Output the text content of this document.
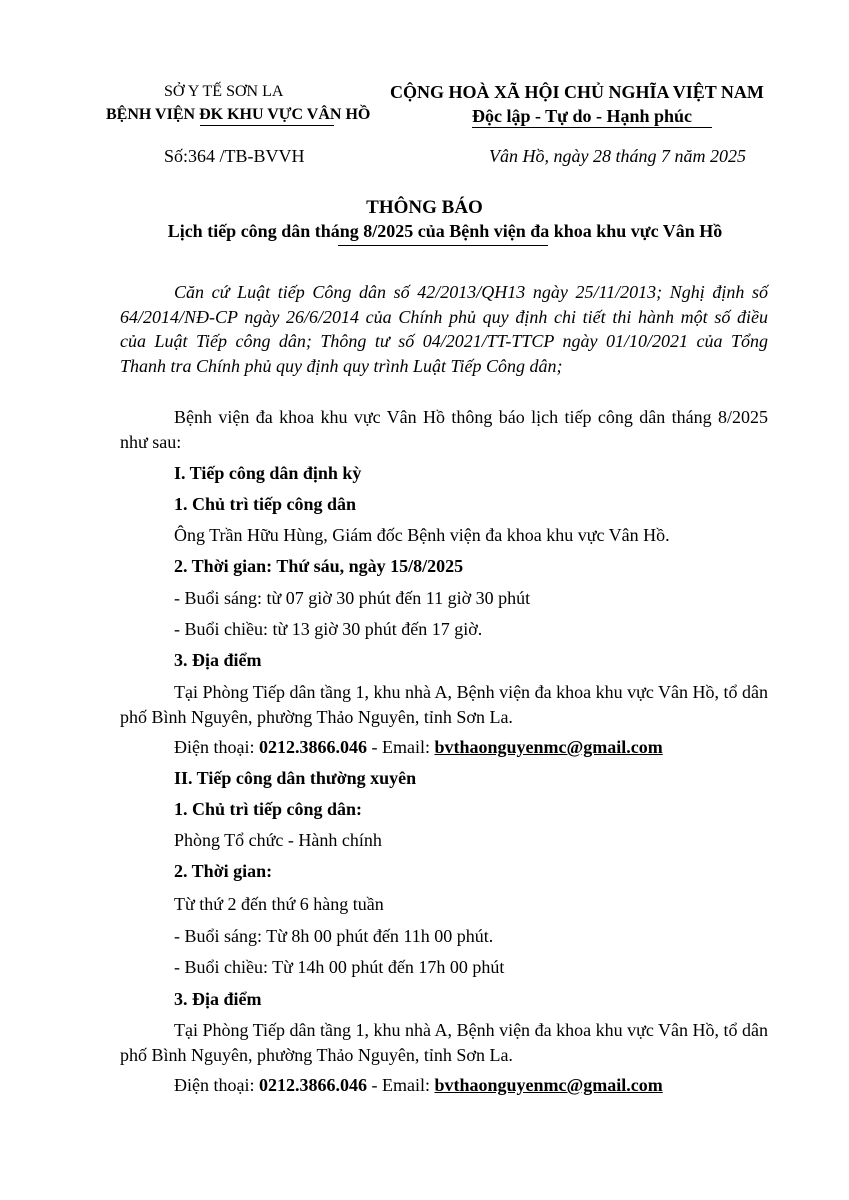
SỞ Y TẾ SƠN LA
BỆNH VIỆN ĐK KHU VỰC VÂN HỒ
CỘNG HOÀ XÃ HỘI CHỦ NGHĨA VIỆT NAM
Độc lập - Tự do - Hạnh phúc
Số:364 /TB-BVVH	Vân Hồ, ngày 28 tháng 7 năm 2025
THÔNG BÁO
Lịch tiếp công dân tháng 8/2025 của Bệnh viện đa khoa khu vực Vân Hồ
Căn cứ Luật tiếp Công dân số 42/2013/QH13 ngày 25/11/2013; Nghị định số 64/2014/NĐ-CP ngày 26/6/2014 của Chính phủ quy định chi tiết thi hành một số điều của Luật Tiếp công dân; Thông tư số 04/2021/TT-TTCP ngày 01/10/2021 của Tổng Thanh tra Chính phủ quy định quy trình Luật Tiếp Công dân;
Bệnh viện đa khoa khu vực Vân Hồ thông báo lịch tiếp công dân tháng 8/2025 như sau:
I. Tiếp công dân định kỳ
1. Chủ trì tiếp công dân
Ông Trần Hữu Hùng, Giám đốc Bệnh viện đa khoa khu vực Vân Hồ.
2. Thời gian: Thứ sáu, ngày 15/8/2025
- Buổi sáng: từ 07 giờ 30 phút đến 11 giờ 30 phút
- Buổi chiều: từ 13 giờ 30 phút đến 17 giờ.
3. Địa điểm
Tại Phòng Tiếp dân tầng 1, khu nhà A, Bệnh viện đa khoa khu vực Vân Hồ, tổ dân phố Bình Nguyên, phường Thảo Nguyên, tỉnh Sơn La.
Điện thoại: 0212.3866.046 - Email: bvthaonguyenmc@gmail.com
II. Tiếp công dân thường xuyên
1. Chủ trì tiếp công dân:
Phòng Tổ chức - Hành chính
2. Thời gian:
Từ thứ 2 đến thứ 6 hàng tuần
- Buổi sáng: Từ 8h 00 phút đến 11h 00 phút.
- Buổi chiều: Từ 14h 00 phút đến 17h 00 phút
3. Địa điểm
Tại Phòng Tiếp dân tầng 1, khu nhà A, Bệnh viện đa khoa khu vực Vân Hồ, tổ dân phố Bình Nguyên, phường Thảo Nguyên, tỉnh Sơn La.
Điện thoại: 0212.3866.046 - Email: bvthaonguyenmc@gmail.com
